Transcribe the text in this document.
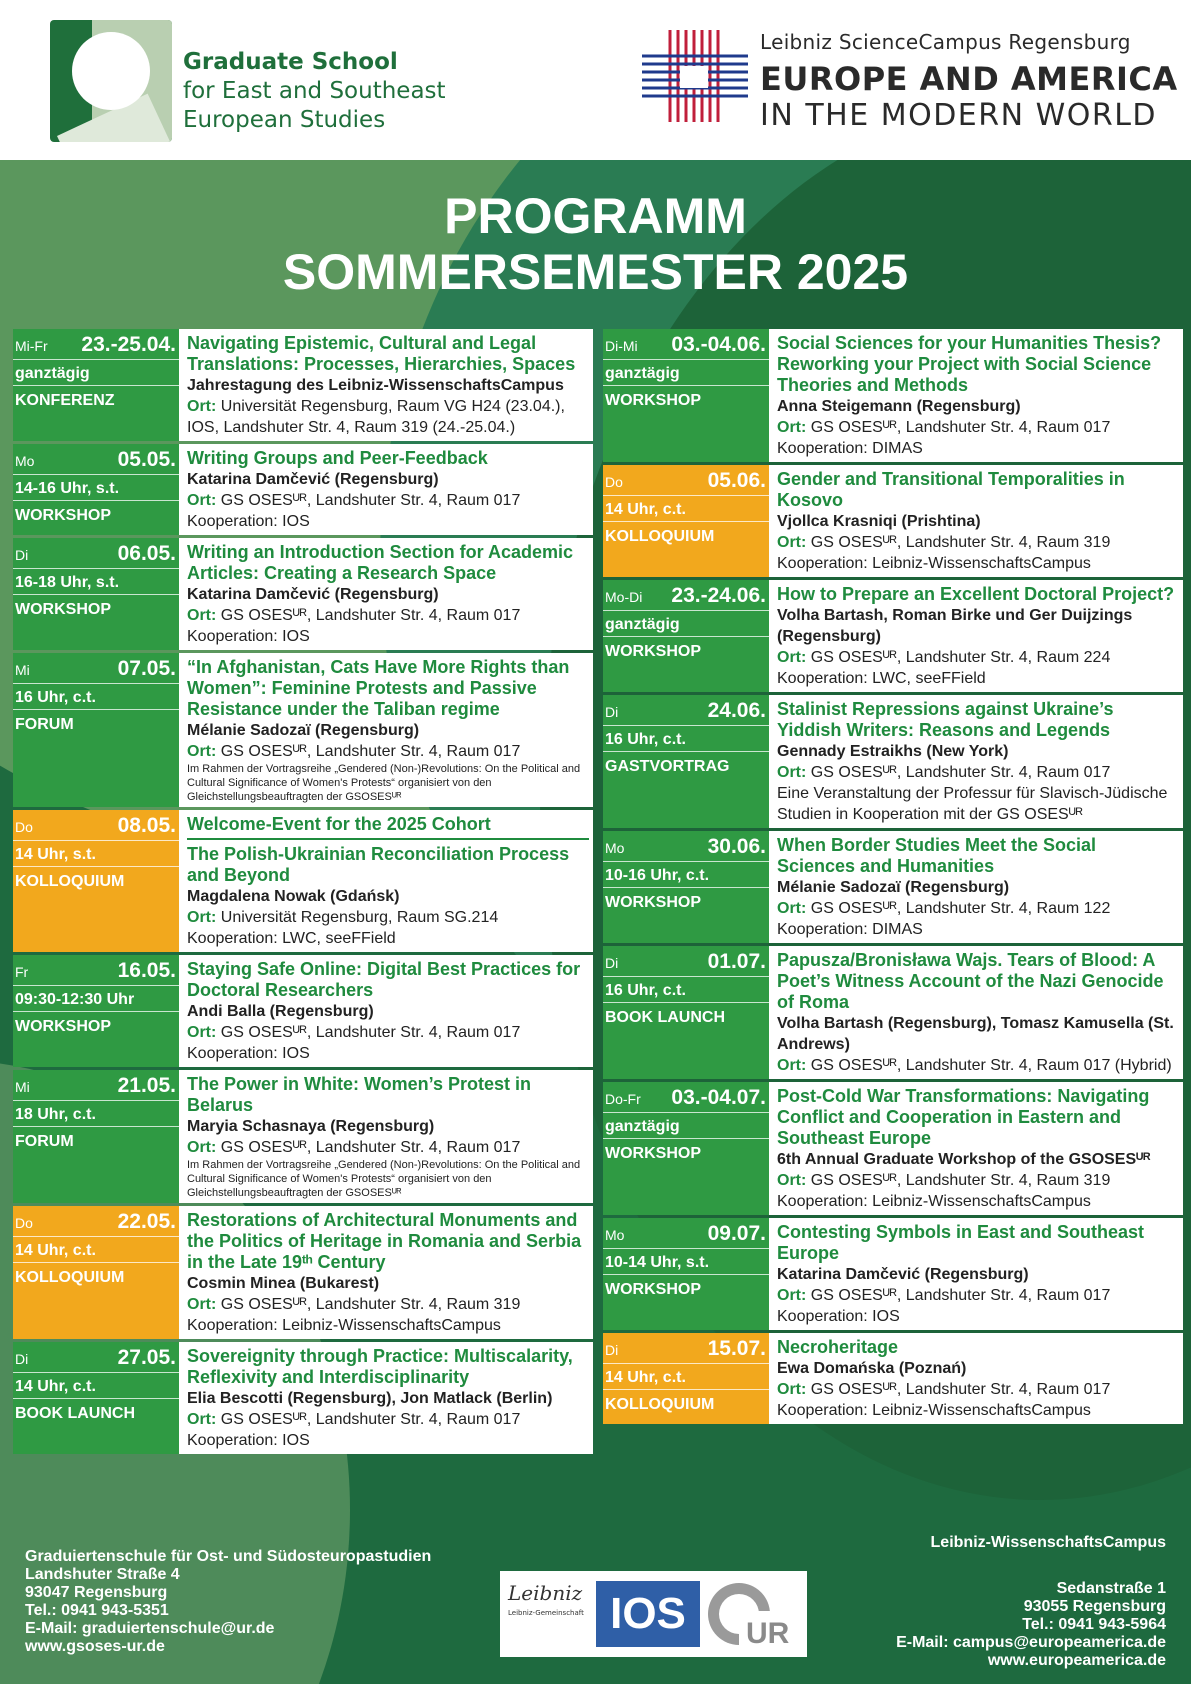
Graduate School
for East and Southeast
European Studies
Leibniz ScienceCampus Regensburg
EUROPE AND AMERICA
IN THE MODERN WORLD
PROGRAMM
SOMMERSEMESTER 2025
Mi-Fr 23.-25.04.
ganztägig
KONFERENZ
Navigating Epistemic, Cultural and Legal Translations: Processes, Hierarchies, Spaces
Jahrestagung des Leibniz-WissenschaftsCampus
Ort: Universität Regensburg, Raum VG H24 (23.04.), IOS, Landshuter Str. 4, Raum 319 (24.-25.04.)
Mo	05.05.
14-16 Uhr, s.t.
WORKSHOP
Writing Groups and Peer-Feedback
Katarina Damčević (Regensburg)
Ort: GS OSESᵁᴿ, Landshuter Str. 4, Raum 017
Kooperation: IOS
Di	06.05.
16-18 Uhr, s.t.
WORKSHOP
Writing an Introduction Section for Academic Articles: Creating a Research Space
Katarina Damčević (Regensburg)
Ort: GS OSESᵁᴿ, Landshuter Str. 4, Raum 017
Kooperation: IOS
Mi	07.05.
16 Uhr, c.t.
FORUM
“In Afghanistan, Cats Have More Rights than Women”: Feminine Protests and Passive Resistance under the Taliban regime
Mélanie Sadozaï (Regensburg)
Ort: GS OSESᵁᴿ, Landshuter Str. 4, Raum 017
Im Rahmen der Vortragsreihe „Gendered (Non-)Revolutions: On the Political and Cultural Significance of Women's Protests“ organisiert von den Gleichstellungsbeauftragten der GSOSESᵁᴿ
Do	08.05.
14 Uhr, s.t.
KOLLOQUIUM
Welcome-Event for the 2025 Cohort
The Polish-Ukrainian Reconciliation Process and Beyond
Magdalena Nowak (Gdańsk)
Ort: Universität Regensburg, Raum SG.214
Kooperation: LWC, seeFField
Fr	16.05.
09:30-12:30 Uhr
WORKSHOP
Staying Safe Online: Digital Best Practices for Doctoral Researchers
Andi Balla (Regensburg)
Ort: GS OSESᵁᴿ, Landshuter Str. 4, Raum 017
Kooperation: IOS
Mi	21.05.
18 Uhr, c.t.
FORUM
The Power in White: Women’s Protest in Belarus
Maryia Schasnaya (Regensburg)
Ort: GS OSESᵁᴿ, Landshuter Str. 4, Raum 017
Im Rahmen der Vortragsreihe „Gendered (Non-)Revolutions: On the Political and Cultural Significance of Women's Protests“ organisiert von den Gleichstellungsbeauftragten der GSOSESᵁᴿ
Do	22.05.
14 Uhr, c.t.
KOLLOQUIUM
Restorations of Architectural Monuments and the Politics of Heritage in Romania and Serbia in the Late 19ᵗʰ Century
Cosmin Minea (Bukarest)
Ort: GS OSESᵁᴿ, Landshuter Str. 4, Raum 319
Kooperation: Leibniz-WissenschaftsCampus
Di	27.05.
14 Uhr, c.t.
BOOK LAUNCH
Sovereignity through Practice: Multiscalarity, Reflexivity and Interdisciplinarity
Elia Bescotti (Regensburg), Jon Matlack (Berlin)
Ort: GS OSESᵁᴿ, Landshuter Str. 4, Raum 017
Kooperation: IOS
Di-Mi 03.-04.06.
ganztägig
WORKSHOP
Social Sciences for your Humanities Thesis? Reworking your Project with Social Science Theories and Methods
Anna Steigemann (Regensburg)
Ort: GS OSESᵁᴿ, Landshuter Str. 4, Raum 017
Kooperation: DIMAS
Do	05.06.
14 Uhr, c.t.
KOLLOQUIUM
Gender and Transitional Temporalities in Kosovo
Vjollca Krasniqi (Prishtina)
Ort: GS OSESᵁᴿ, Landshuter Str. 4, Raum 319
Kooperation: Leibniz-WissenschaftsCampus
Mo-Di 23.-24.06.
ganztägig
WORKSHOP
How to Prepare an Excellent Doctoral Project?
Volha Bartash, Roman Birke und Ger Duijzings (Regensburg)
Ort: GS OSESᵁᴿ, Landshuter Str. 4, Raum 224
Kooperation: LWC, seeFField
Di	24.06.
16 Uhr, c.t.
GASTVORTRAG
Stalinist Repressions against Ukraine’s Yiddish Writers: Reasons and Legends
Gennady Estraikhs (New York)
Ort: GS OSESᵁᴿ, Landshuter Str. 4, Raum 017
Eine Veranstaltung der Professur für Slavisch-Jüdische Studien in Kooperation mit der GS OSESᵁᴿ
Mo	30.06.
10-16 Uhr, c.t.
WORKSHOP
When Border Studies Meet the Social Sciences and Humanities
Mélanie Sadozaï (Regensburg)
Ort: GS OSESᵁᴿ, Landshuter Str. 4, Raum 122
Kooperation: DIMAS
Di	01.07.
16 Uhr, c.t.
BOOK LAUNCH
Papusza/Bronisława Wajs. Tears of Blood: A Poet’s Witness Account of the Nazi Genocide of Roma
Volha Bartash (Regensburg), Tomasz Kamusella (St. Andrews)
Ort: GS OSESᵁᴿ, Landshuter Str. 4, Raum 017 (Hybrid)
Do-Fr 03.-04.07.
ganztägig
WORKSHOP
Post-Cold War Transformations: Navigating Conflict and Cooperation in Eastern and Southeast Europe
6th Annual Graduate Workshop of the GSOSESᵁᴿ
Ort: GS OSESᵁᴿ, Landshuter Str. 4, Raum 319
Kooperation: Leibniz-WissenschaftsCampus
Mo	09.07.
10-14 Uhr, s.t.
WORKSHOP
Contesting Symbols in East and Southeast Europe
Katarina Damčević (Regensburg)
Ort: GS OSESᵁᴿ, Landshuter Str. 4, Raum 017
Kooperation: IOS
Di	15.07.
14 Uhr, c.t.
KOLLOQUIUM
Necroheritage
Ewa Domańska (Poznań)
Ort: GS OSESᵁᴿ, Landshuter Str. 4, Raum 017
Kooperation: Leibniz-WissenschaftsCampus
Graduiertenschule für Ost- und Südosteuropastudien
Landshuter Straße 4
93047 Regensburg
Tel.: 0941 943-5351
E-Mail: graduiertenschule@ur.de
www.gsoses-ur.de
Leibniz
Leibniz-Gemeinschaft IOS	UR
Leibniz-WissenschaftsCampus
Sedanstraße 1
93055 Regensburg
Tel.: 0941 943-5964
E-Mail: campus@europeamerica.de
www.europeamerica.de
